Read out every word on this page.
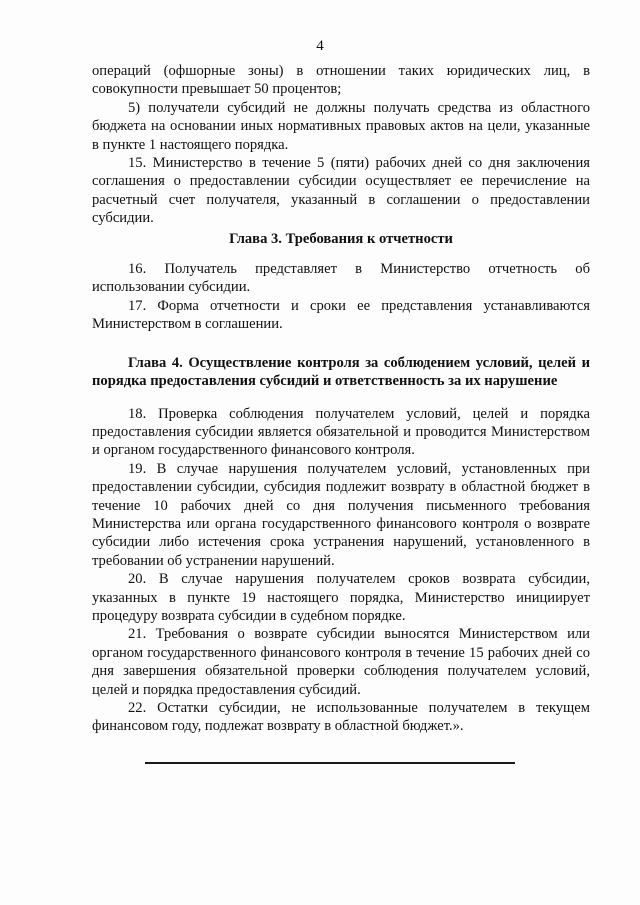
4

операций (офшорные зоны) в отношении таких юридических лиц, в совокупности превышает 50 процентов;

5) получатели субсидий не должны получать средства из областного бюджета на основании иных нормативных правовых актов на цели, указанные в пункте 1 настоящего порядка.

15. Министерство в течение 5 (пяти) рабочих дней со дня заключения соглашения о предоставлении субсидии осуществляет ее перечисление на расчетный счет получателя, указанный в соглашении о предоставлении субсидии.

Глава 3. Требования к отчетности

16. Получатель представляет в Министерство отчетность об использовании субсидии.

17. Форма отчетности и сроки ее представления устанавливаются Министерством в соглашении.

Глава 4. Осуществление контроля за соблюдением условий, целей и порядка предоставления субсидий и ответственность за их нарушение

18. Проверка соблюдения получателем условий, целей и порядка предоставления субсидии является обязательной и проводится Министерством и органом государственного финансового контроля.

19. В случае нарушения получателем условий, установленных при предоставлении субсидии, субсидия подлежит возврату в областной бюджет в течение 10 рабочих дней со дня получения письменного требования Министерства или органа государственного финансового контроля о возврате субсидии либо истечения срока устранения нарушений, установленного в требовании об устранении нарушений.

20. В случае нарушения получателем сроков возврата субсидии, указанных в пункте 19 настоящего порядка, Министерство инициирует процедуру возврата субсидии в судебном порядке.

21. Требования о возврате субсидии выносятся Министерством или органом государственного финансового контроля в течение 15 рабочих дней со дня завершения обязательной проверки соблюдения получателем условий, целей и порядка предоставления субсидий.

22. Остатки субсидии, не использованные получателем в текущем финансовом году, подлежат возврату в областной бюджет.».
